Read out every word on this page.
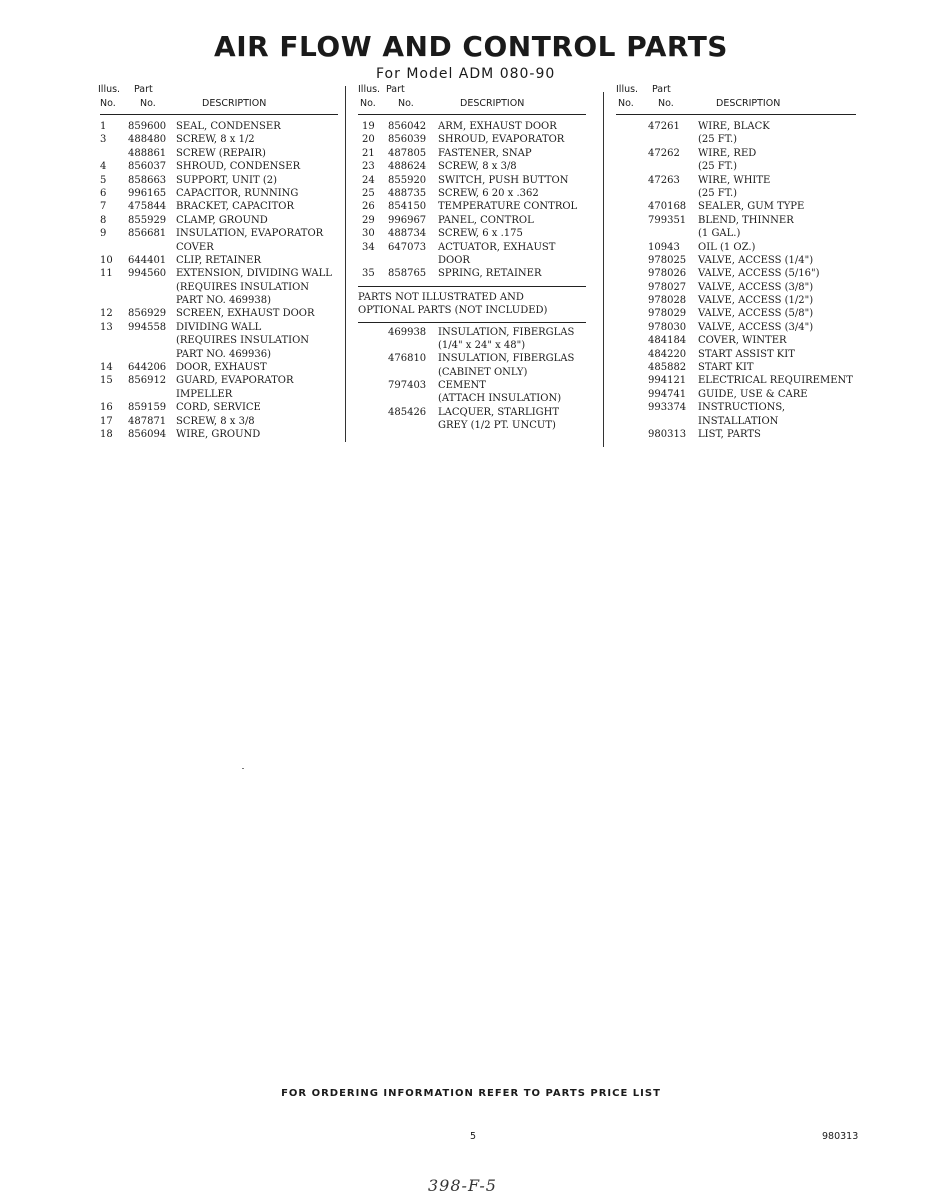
AIR FLOW AND CONTROL PARTS
For Model ADM 080-90
Illus. Part
No.	No.	DESCRIPTION
1 859600 SEAL, CONDENSER
3 488480 SCREW, 8 x 1/2
488861 SCREW (REPAIR)
4 856037 SHROUD, CONDENSER
5 858663 SUPPORT, UNIT (2)
6 996165 CAPACITOR, RUNNING
7 475844 BRACKET, CAPACITOR
8 855929 CLAMP, GROUND
9 856681 INSULATION, EVAPORATOR
COVER
10 644401 CLIP, RETAINER
11 994560 EXTENSION, DIVIDING WALL
(REQUIRES INSULATION
PART NO. 469938)
12 856929 SCREEN, EXHAUST DOOR
13 994558 DIVIDING WALL
(REQUIRES INSULATION
PART NO. 469936)
14 644206 DOOR, EXHAUST
15 856912 GUARD, EVAPORATOR
IMPELLER
16 859159 CORD, SERVICE
17 487871 SCREW, 8 x 3/8
18 856094 WIRE, GROUND
Illus. Part
No. No.	DESCRIPTION
19 856042 ARM, EXHAUST DOOR
20 856039 SHROUD, EVAPORATOR
21 487805 FASTENER, SNAP
23 488624 SCREW, 8 x 3/8
24 855920 SWITCH, PUSH BUTTON
25 488735 SCREW, 6 20 x .362
26 854150 TEMPERATURE CONTROL
29 996967 PANEL, CONTROL
30 488734 SCREW, 6 x .175
34 647073 ACTUATOR, EXHAUST
DOOR
35 858765 SPRING, RETAINER
PARTS NOT ILLUSTRATED AND
OPTIONAL PARTS (NOT INCLUDED)
469938 INSULATION, FIBERGLAS
(1/4" x 24" x 48")
476810 INSULATION, FIBERGLAS
(CABINET ONLY)
797403 CEMENT
(ATTACH INSULATION)
485426 LACQUER, STARLIGHT
GREY (1/2 PT. UNCUT)
Illus. Part
No.	No.	DESCRIPTION
47261 WIRE, BLACK
(25 FT.)
47262 WIRE, RED
(25 FT.)
47263 WIRE, WHITE
(25 FT.)
470168 SEALER, GUM TYPE
799351 BLEND, THINNER
(1 GAL.)
10943 OIL (1 OZ.)
978025 VALVE, ACCESS (1/4")
978026 VALVE, ACCESS (5/16")
978027 VALVE, ACCESS (3/8")
978028 VALVE, ACCESS (1/2")
978029 VALVE, ACCESS (5/8")
978030 VALVE, ACCESS (3/4")
484184 COVER, WINTER
484220 START ASSIST KIT
485882 START KIT
994121 ELECTRICAL REQUIREMENT
994741 GUIDE, USE & CARE
993374 INSTRUCTIONS,
INSTALLATION
980313 LIST, PARTS
FOR ORDERING INFORMATION REFER TO PARTS PRICE LIST
5	980313
398-F-5
